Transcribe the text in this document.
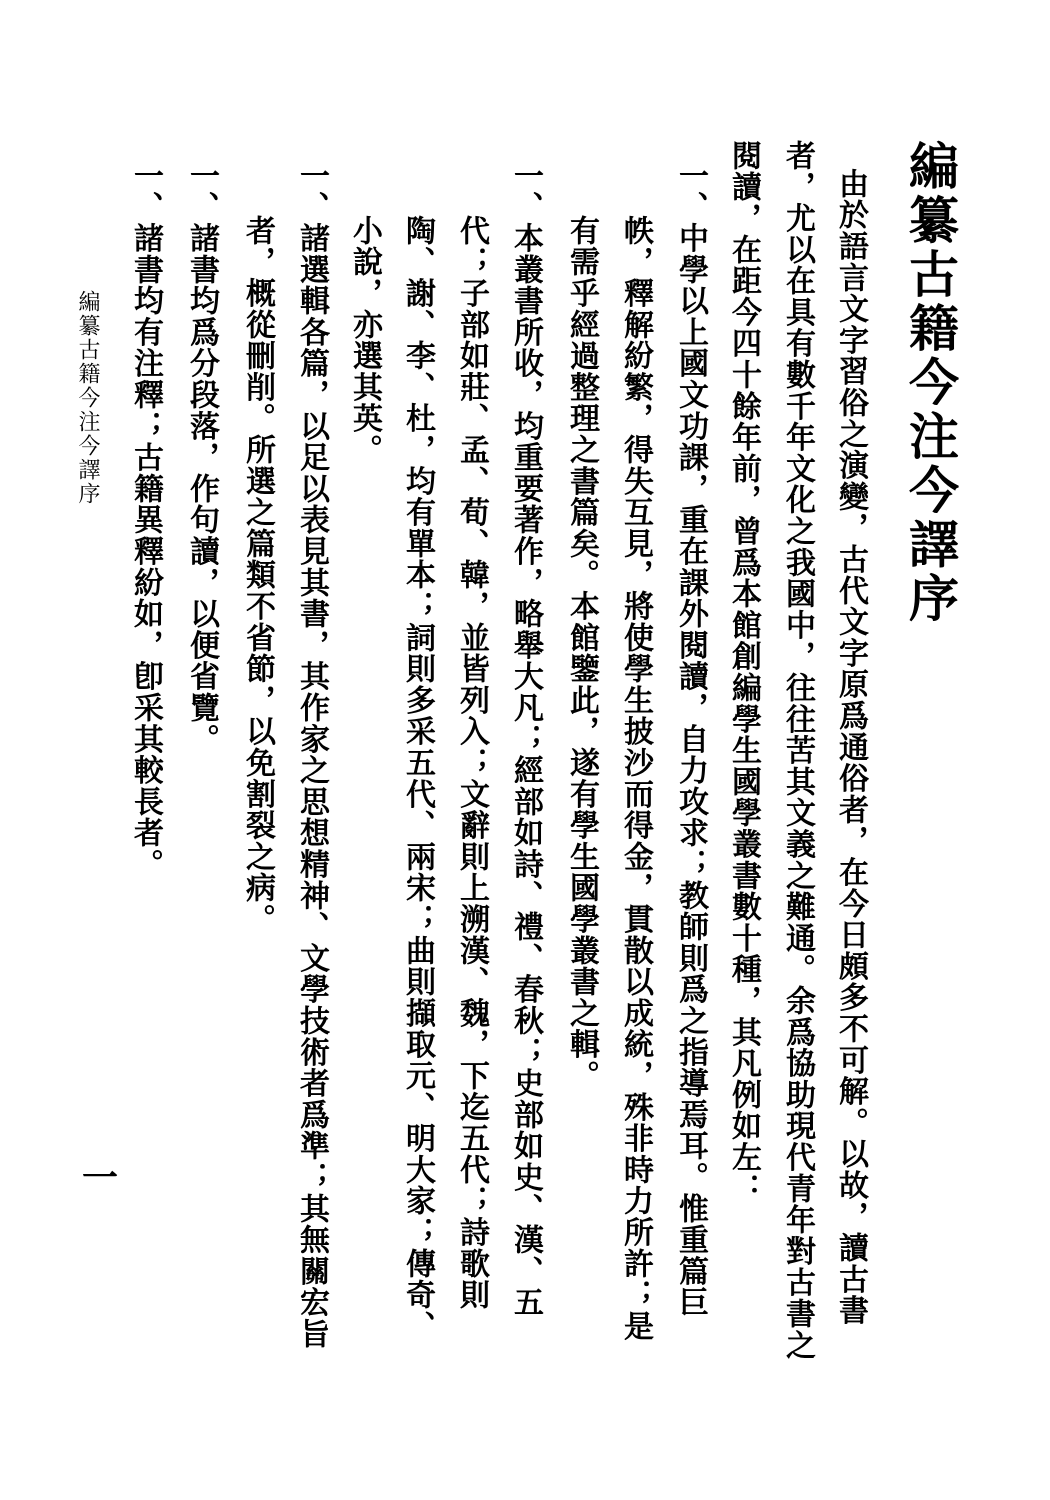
編纂古籍今注今譯序
由於語言文字習俗之演變，古代文字原爲通俗者，在今日頗多不可解。以故，讀古書
者，尤以在具有數千年文化之我國中，往往苦其文義之難通。余爲協助現代青年對古書之
閱讀，在距今四十餘年前，曾爲本館創編學生國學叢書數十種，其凡例如左：
一、中學以上國文功課，重在課外閱讀，自力攻求；教師則爲之指導焉耳。惟重篇巨
帙，釋解紛繁，得失互見，將使學生披沙而得金，貫散以成統，殊非時力所許；是
有需乎經過整理之書篇矣。本館鑒此，遂有學生國學叢書之輯。
一、本叢書所收，均重要著作，略舉大凡；經部如詩、禮、春秋；史部如史、漢、五
代；子部如莊、孟、荀、韓，並皆列入；文辭則上溯漢、魏，下迄五代；詩歌則
陶、謝、李、杜，均有單本；詞則多采五代、兩宋；曲則擷取元、明大家；傳奇、
小說，亦選其英。
一、諸選輯各篇，以足以表見其書，其作家之思想精神、文學技術者爲準；其無關宏旨
者，概從刪削。所選之篇類不省節，以免割裂之病。
一、諸書均爲分段落，作句讀，以便省覽。
一、諸書均有注釋；古籍異釋紛如，卽采其較長者。
編纂古籍今注今譯序
一
